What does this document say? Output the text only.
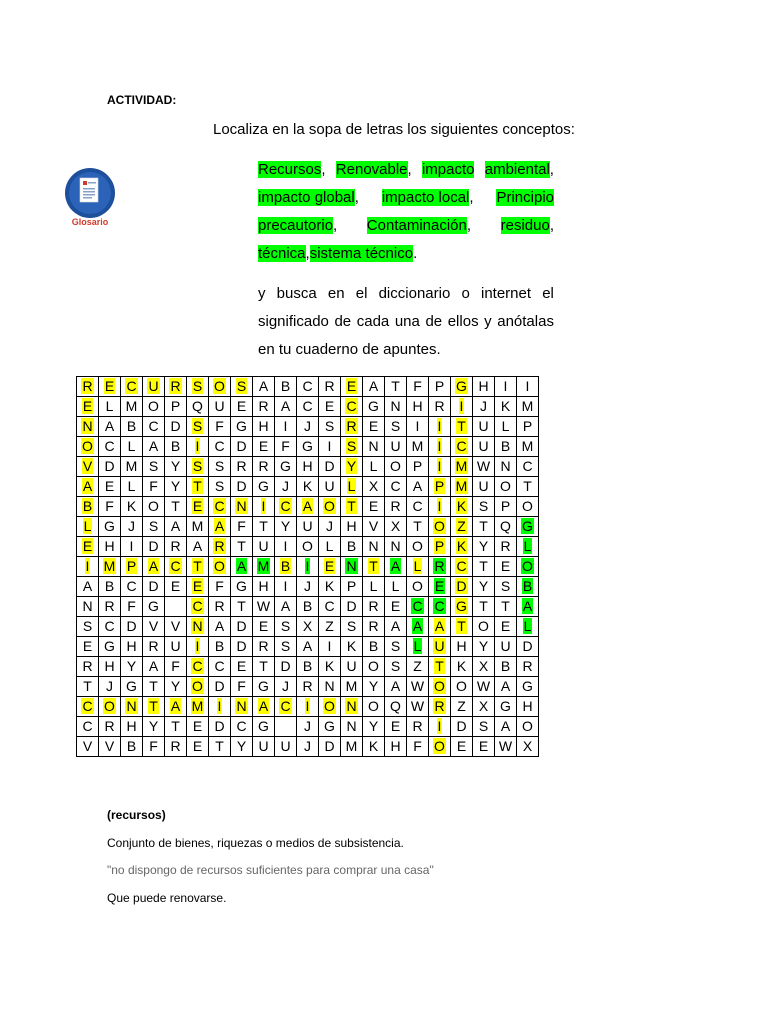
ACTIVIDAD:
Localiza en la sopa de letras los siguientes conceptos:
Glosario
Recursos, Renovable, impacto ambiental,
impacto global, impacto local, Principio
precautorio, Contaminación, residuo,
técnica,sistema técnico.
y busca en el diccionario o internet el
significado de cada una de ellos y anótalas
en tu cuaderno de apuntes.
R	E	C	U	R	S	O	S	A	B	C	R	E	A	T	F	P	G	H	I	I
E	L	M	O	P	Q	U	E	R	A	C	E	C	G	N	H	R	I	J	K	M
N	A	B	C	D	S	F	G	H	I	J	S	R	E	S	I	I	T	U	L	P
O	C	L	A	B	I	C	D	E	F	G	I	S	N	U	M	I	C	U	B	M
V	D	M	S	Y	S	S	R	R	G	H	D	Y	L	O	P	I	M	W	N	C
A	E	L	F	Y	T	S	D	G	J	K	U	L	X	C	A	P	M	U	O	T
B	F	K	O	T	E	C	N	I	C	A	O	T	E	R	C	I	K	S	P	O
L	G	J	S	A	M	A	F	T	Y	U	J	H	V	X	T	O	Z	T	Q	G
E	H	I	D	R	A	R	T	U	I	O	L	B	N	N	O	P	K	Y	R	L
I	M	P	A	C	T	O	A	M	B	I	E	N	T	A	L	R	C	T	E	O
A	B	C	D	E	E	F	G	H	I	J	K	P	L	L	O	E	D	Y	S	B
N	R	F	G		C	R	T	W	A	B	C	D	R	E	C	C	G	T	T	A
S	C	D	V	V	N	A	D	E	S	X	Z	S	R	A	A	A	T	O	E	L
E	G	H	R	U	I	B	D	R	S	A	I	K	B	S	L	U	H	Y	U	D
R	H	Y	A	F	C	C	E	T	D	B	K	U	O	S	Z	T	K	X	B	R
T	J	G	T	Y	O	D	F	G	J	R	N	M	Y	A	W	O	O	W	A	G
C	O	N	T	A	M	I	N	A	C	I	O	N	O	Q	W	R	Z	X	G	H
C	R	H	Y	T	E	D	C	G		J	G	N	Y	E	R	I	D	S	A	O
V	V	B	F	R	E	T	Y	U	U	J	D	M	K	H	F	O	E	E	W	X
(recursos)
Conjunto de bienes, riquezas o medios de subsistencia.
"no dispongo de recursos suficientes para comprar una casa"
Que puede renovarse.
